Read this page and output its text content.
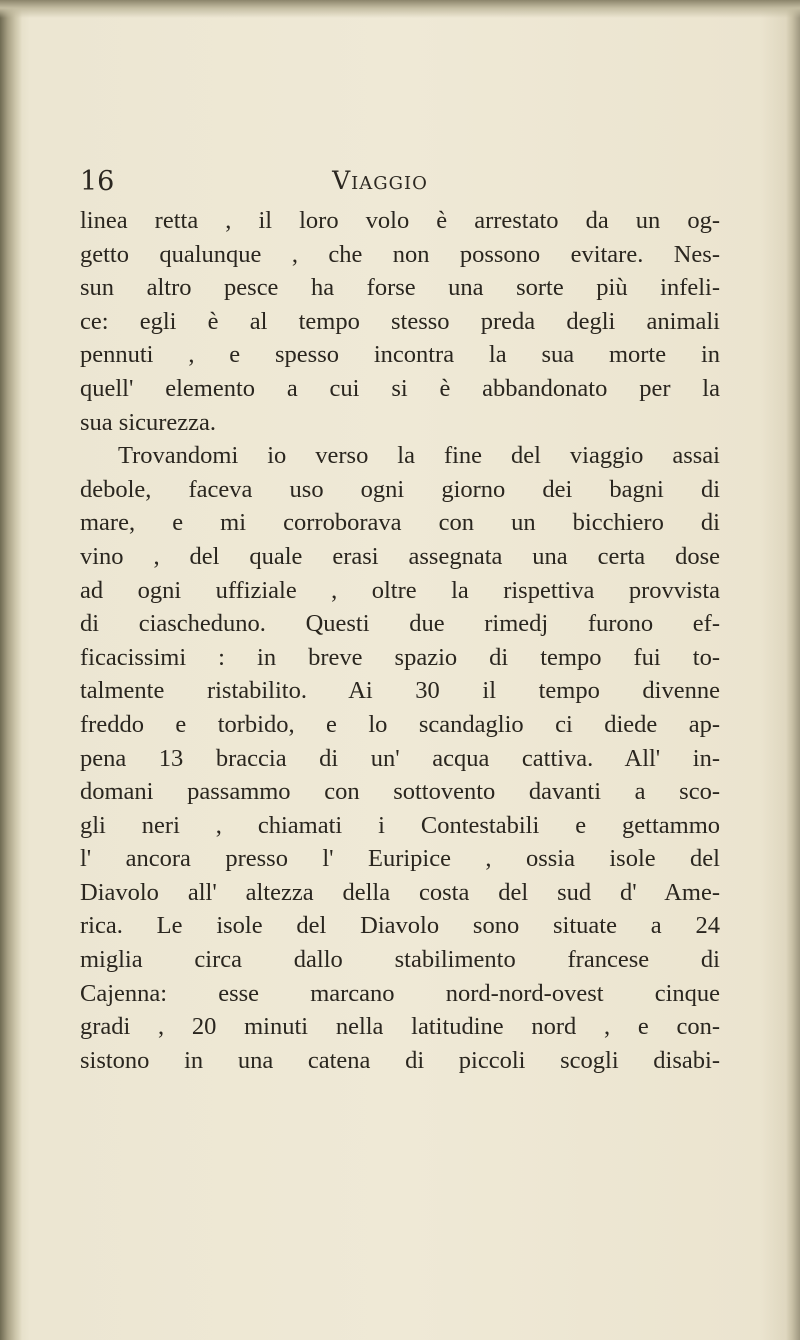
16	Viaggio
linea retta , il loro volo è arrestato da un og-
getto qualunque , che non possono evitare. Nes-
sun altro pesce ha forse una sorte più infeli-
ce: egli è al tempo stesso preda degli animali
pennuti , e spesso incontra la sua morte in
quell' elemento a cui si è abbandonato per la
sua sicurezza.
Trovandomi io verso la fine del viaggio assai
debole, faceva uso ogni giorno dei bagni di
mare, e mi corroborava con un bicchiero di
vino , del quale erasi assegnata una certa dose
ad ogni uffiziale , oltre la rispettiva provvista
di ciascheduno. Questi due rimedj furono ef-
ficacissimi : in breve spazio di tempo fui to-
talmente ristabilito. Ai 30 il tempo divenne
freddo e torbido, e lo scandaglio ci diede ap-
pena 13 braccia di un' acqua cattiva. All' in-
domani passammo con sottovento davanti a sco-
gli neri , chiamati i Contestabili e gettammo
l' ancora presso l' Euripice , ossia isole del
Diavolo all' altezza della costa del sud d' Ame-
rica. Le isole del Diavolo sono situate a 24
miglia circa dallo stabilimento francese di
Cajenna: esse marcano nord-nord-ovest cinque
gradi , 20 minuti nella latitudine nord , e con-
sistono in una catena di piccoli scogli disabi-
